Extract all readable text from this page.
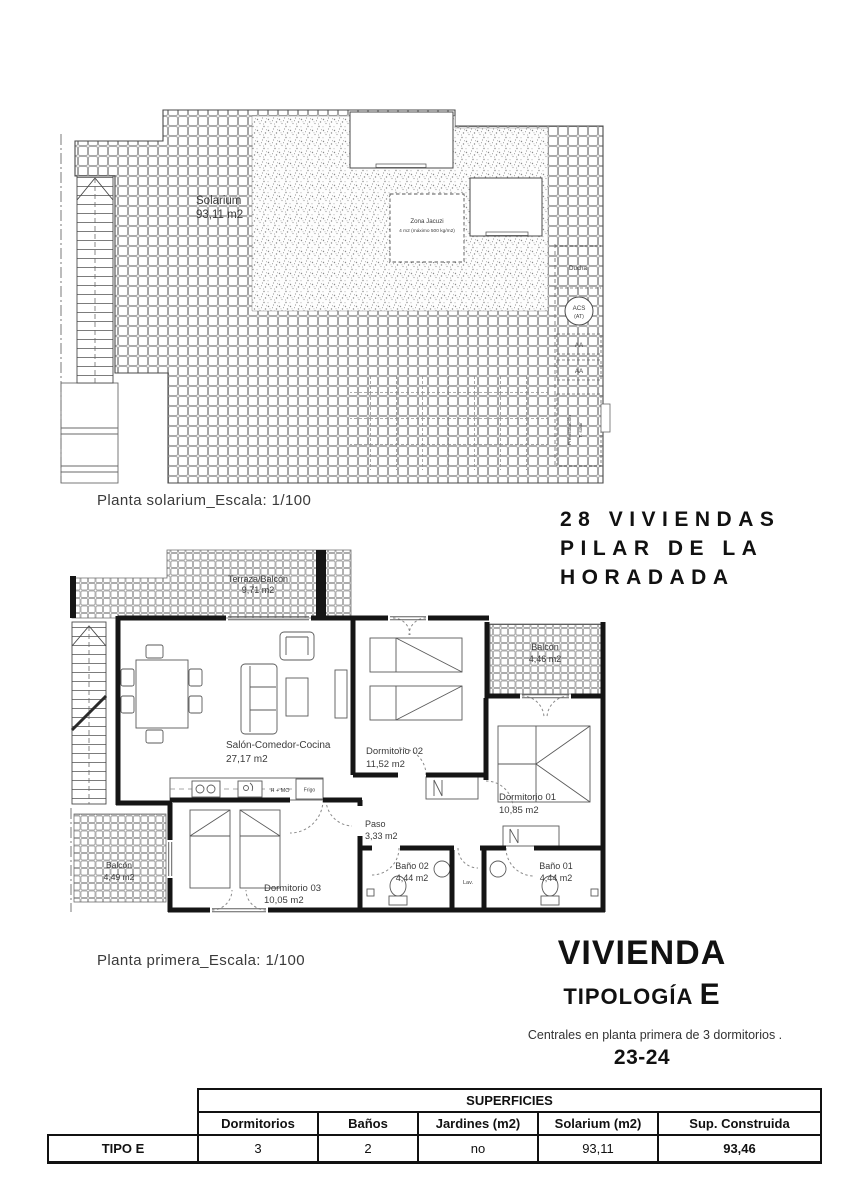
Zona Jacuzi
4 m2 (máximo 500 kg/m2)
Ducha
ACS
(AT)
AA
AA
Preinstalación T. solar
Solarium
93,11 m2
Planta solarium_Escala: 1/100
28 VIVIENDAS
PILAR DE LA
HORADADA
H + MO	Frigo
Lav.
Terraza/Balcón
9,71 m2
Salón-Comedor-Cocina
27,17 m2
Dormitorio 02
11,52 m2
Balcón
4,46 m2
Dormitorio 01
10,85 m2
Paso
3,33 m2
Baño 02
4,44 m2
Baño 01
4,44 m2
Dormitorio 03
10,05 m2
Balcón
4,49 m2
Planta primera_Escala: 1/100	VIVIENDA
TIPOLOGÍA E
Centrales en planta primera de 3 dormitorios .
23-24
	SUPERFICIES				
	Dormitorios	Baños	Jardines (m2)	Solarium (m2)	Sup. Construida
TIPO E	3	2	no	93,11	93,46
